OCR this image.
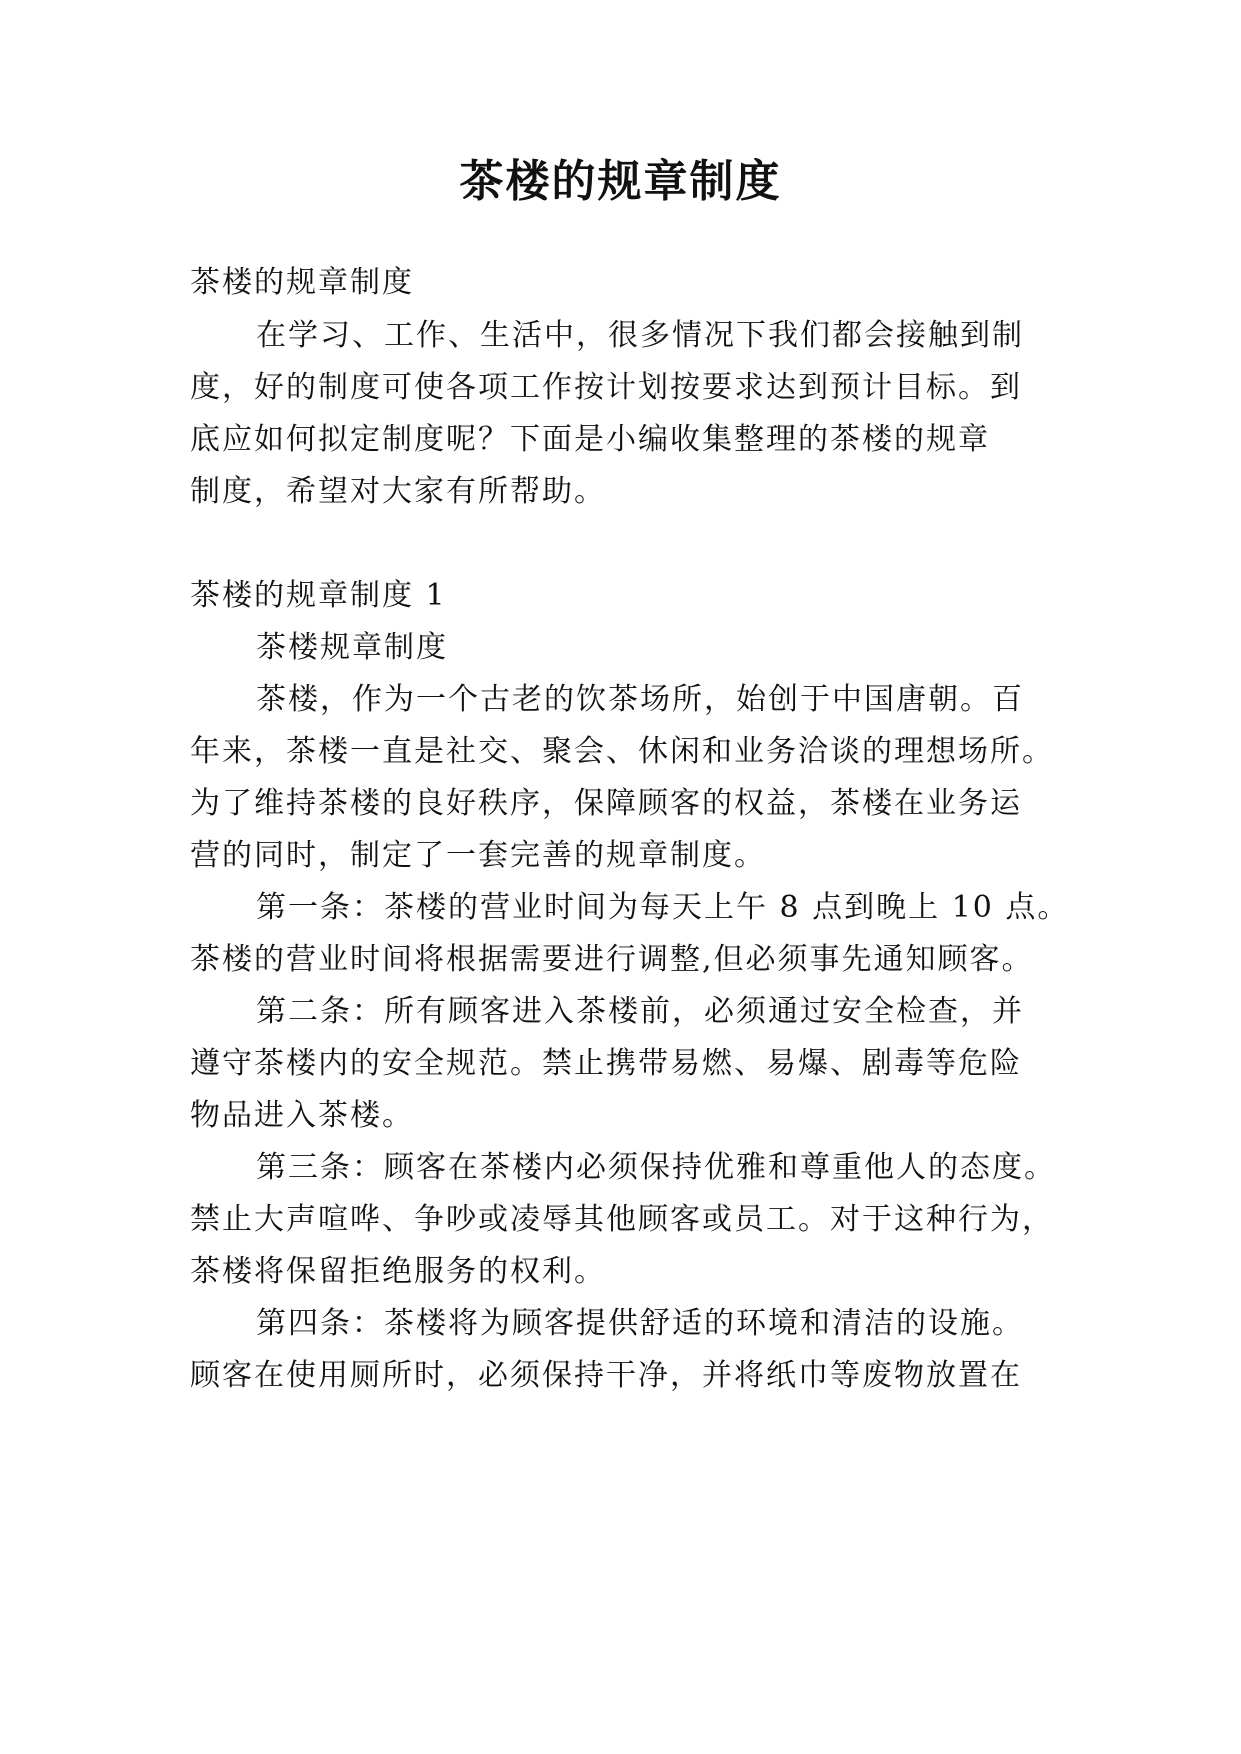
茶楼的规章制度
茶楼的规章制度
在学习、工作、生活中，很多情况下我们都会接触到制
度，好的制度可使各项工作按计划按要求达到预计目标。到
底应如何拟定制度呢？下面是小编收集整理的茶楼的规章
制度，希望对大家有所帮助。
茶楼的规章制度 1
茶楼规章制度
茶楼，作为一个古老的饮茶场所，始创于中国唐朝。百
年来，茶楼一直是社交、聚会、休闲和业务洽谈的理想场所。
为了维持茶楼的良好秩序，保障顾客的权益，茶楼在业务运
营的同时，制定了一套完善的规章制度。
第一条：茶楼的营业时间为每天上午 8 点到晚上 10 点。
茶楼的营业时间将根据需要进行调整,但必须事先通知顾客。
第二条：所有顾客进入茶楼前，必须通过安全检查，并
遵守茶楼内的安全规范。禁止携带易燃、易爆、剧毒等危险
物品进入茶楼。
第三条：顾客在茶楼内必须保持优雅和尊重他人的态度。
禁止大声喧哗、争吵或凌辱其他顾客或员工。对于这种行为，
茶楼将保留拒绝服务的权利。
第四条：茶楼将为顾客提供舒适的环境和清洁的设施。
顾客在使用厕所时，必须保持干净，并将纸巾等废物放置在
